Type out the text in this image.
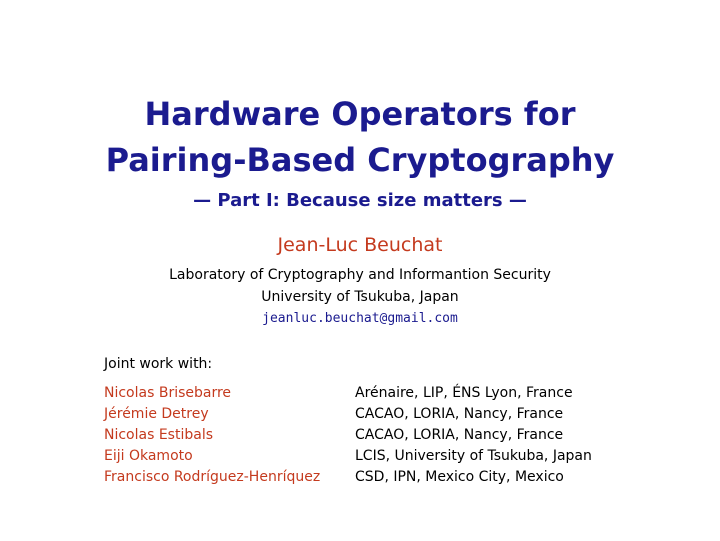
Hardware Operators for
Pairing-Based Cryptography
— Part I: Because size matters —
Jean-Luc Beuchat
Laboratory of Cryptography and Informantion Security
University of Tsukuba, Japan
jeanluc.beuchat@gmail.com
Joint work with:
Nicolas Brisebarre	Arénaire, LIP, ÉNS Lyon, France
Jérémie Detrey	CACAO, LORIA, Nancy, France
Nicolas Estibals	CACAO, LORIA, Nancy, France
Eiji Okamoto	LCIS, University of Tsukuba, Japan
Francisco Rodríguez-Henríquez CSD, IPN, Mexico City, Mexico
